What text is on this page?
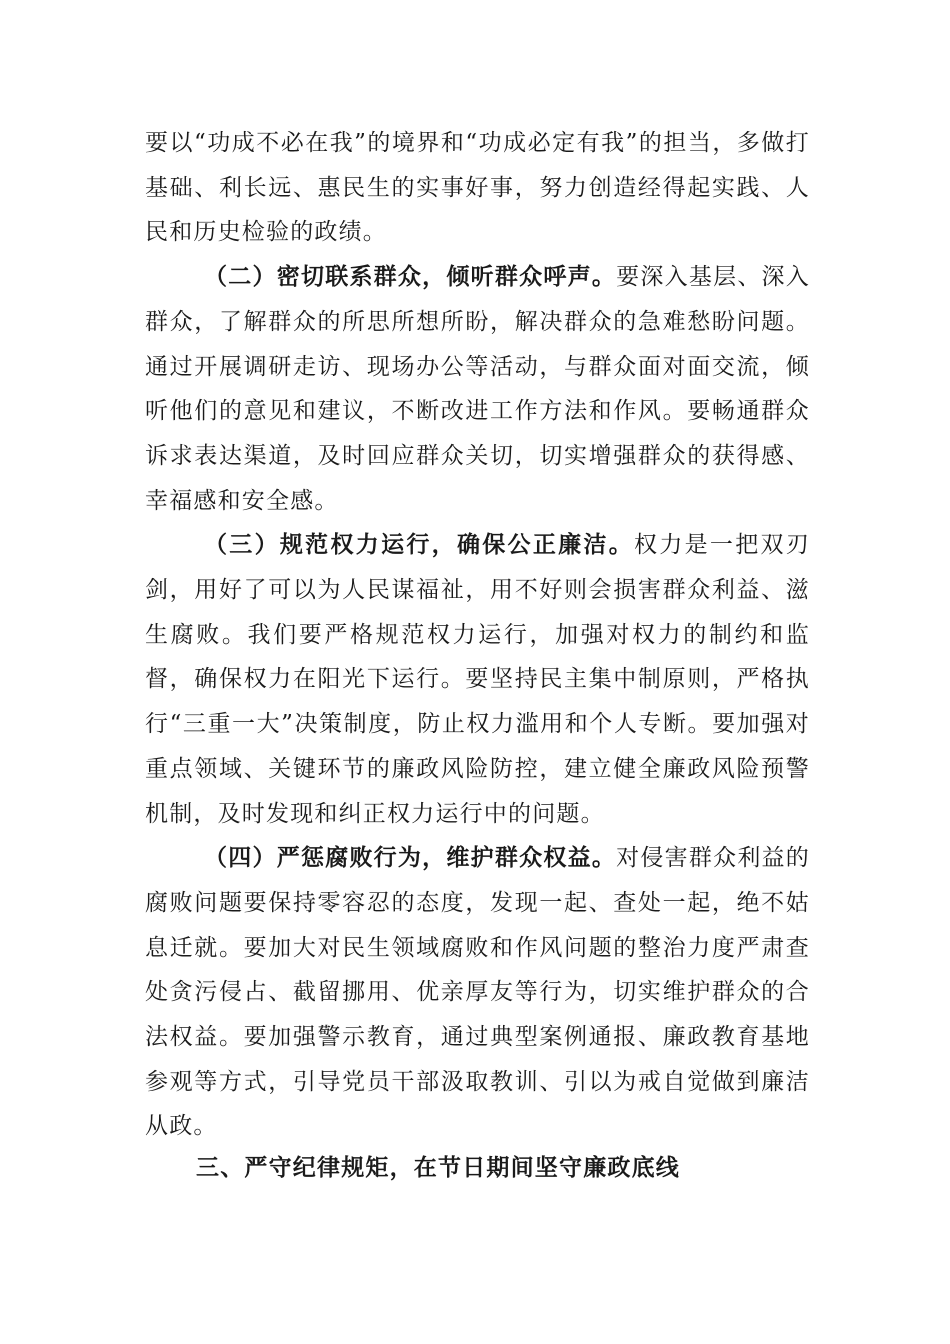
要以“功成不必在我”的境界和“功成必定有我”的担当，多做打基础、利长远、惠民生的实事好事，努力创造经得起实践、人民和历史检验的政绩。

（二）密切联系群众，倾听群众呼声。要深入基层、深入群众，了解群众的所思所想所盼，解决群众的急难愁盼问题。通过开展调研走访、现场办公等活动，与群众面对面交流，倾听他们的意见和建议，不断改进工作方法和作风。要畅通群众诉求表达渠道，及时回应群众关切，切实增强群众的获得感、幸福感和安全感。

（三）规范权力运行，确保公正廉洁。权力是一把双刃剑，用好了可以为人民谋福祉，用不好则会损害群众利益、滋生腐败。我们要严格规范权力运行，加强对权力的制约和监督，确保权力在阳光下运行。要坚持民主集中制原则，严格执行“三重一大”决策制度，防止权力滥用和个人专断。要加强对重点领域、关键环节的廉政风险防控，建立健全廉政风险预警机制，及时发现和纠正权力运行中的问题。

（四）严惩腐败行为，维护群众权益。对侵害群众利益的腐败问题要保持零容忍的态度，发现一起、查处一起，绝不姑息迁就。要加大对民生领域腐败和作风问题的整治力度严肃查处贪污侵占、截留挪用、优亲厚友等行为，切实维护群众的合法权益。要加强警示教育，通过典型案例通报、廉政教育基地参观等方式，引导党员干部汲取教训、引以为戒自觉做到廉洁从政。

三、严守纪律规矩，在节日期间坚守廉政底线
